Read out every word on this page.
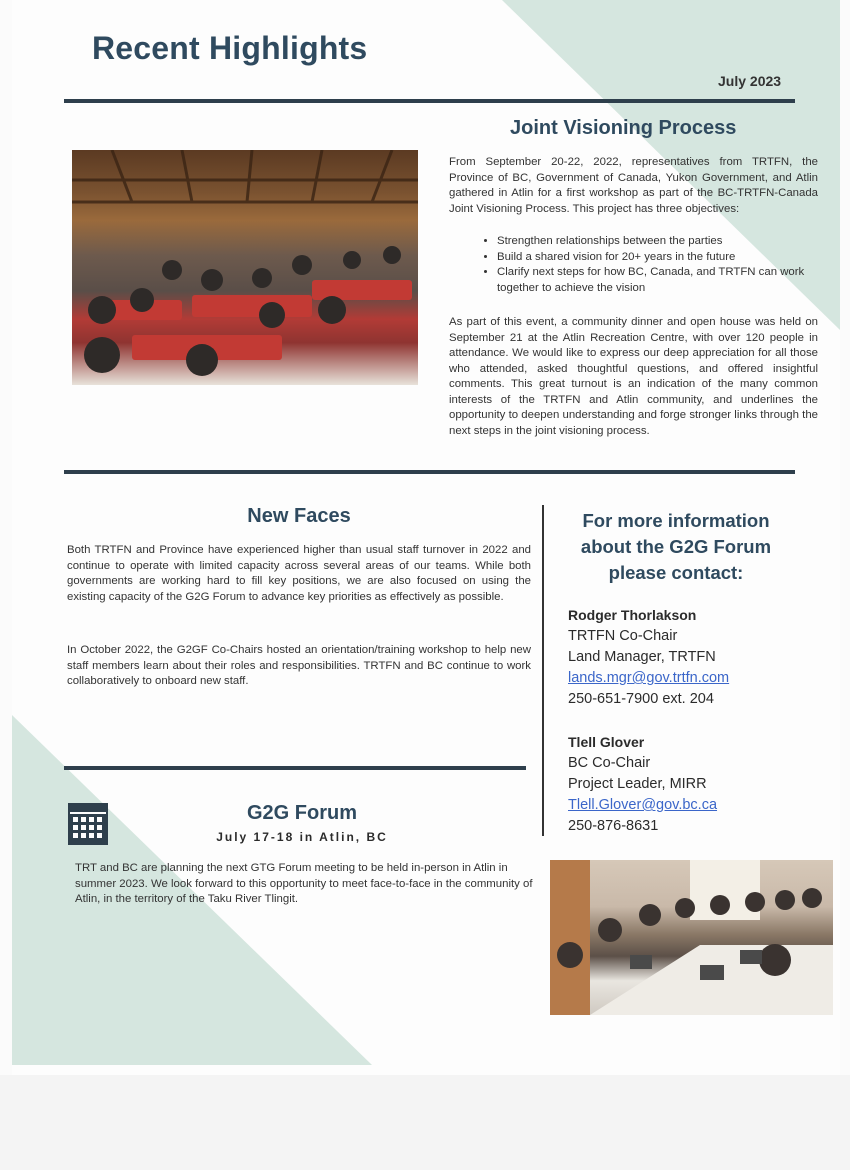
Recent Highlights
July 2023
Joint Visioning Process

From September 20-22, 2022, representatives from TRTFN, the Province of BC, Government of Canada, Yukon Government, and Atlin gathered in Atlin for a first workshop as part of the BC-TRTFN-Canada Joint Visioning Process. This project has three objectives:

• Strengthen relationships between the parties
• Build a shared vision for 20+ years in the future
• Clarify next steps for how BC, Canada, and TRTFN can work together to achieve the vision

As part of this event, a community dinner and open house was held on September 21 at the Atlin Recreation Centre, with over 120 people in attendance. We would like to express our deep appreciation for all those who attended, asked thoughtful questions, and offered insightful comments. This great turnout is an indication of the many common interests of the TRTFN and Atlin community, and underlines the opportunity to deepen understanding and forge stronger links through the next steps in the joint visioning process.

New Faces

Both TRTFN and Province have experienced higher than usual staff turnover in 2022 and continue to operate with limited capacity across several areas of our teams. While both governments are working hard to fill key positions, we are also focused on using the existing capacity of the G2G Forum to advance key priorities as effectively as possible.

In October 2022, the G2GF Co-Chairs hosted an orientation/training workshop to help new staff members learn about their roles and responsibilities. TRTFN and BC continue to work collaboratively to onboard new staff.

For more information
about the G2G Forum
please contact:
Rodger Thorlakson
TRTFN Co-Chair
Land Manager, TRTFN
lands.mgr@gov.trtfn.com
250-651-7900 ext. 204
Tlell Glover
BC Co-Chair
Project Leader, MIRR
Tlell.Glover@gov.bc.ca
250-876-8631
G2G Forum
July 17-18 in Atlin, BC

TRT and BC are planning the next GTG Forum meeting to be held in-person in Atlin in summer 2023. We look forward to this opportunity to meet face-to-face in the community of Atlin, in the territory of the Taku River Tlingit.
